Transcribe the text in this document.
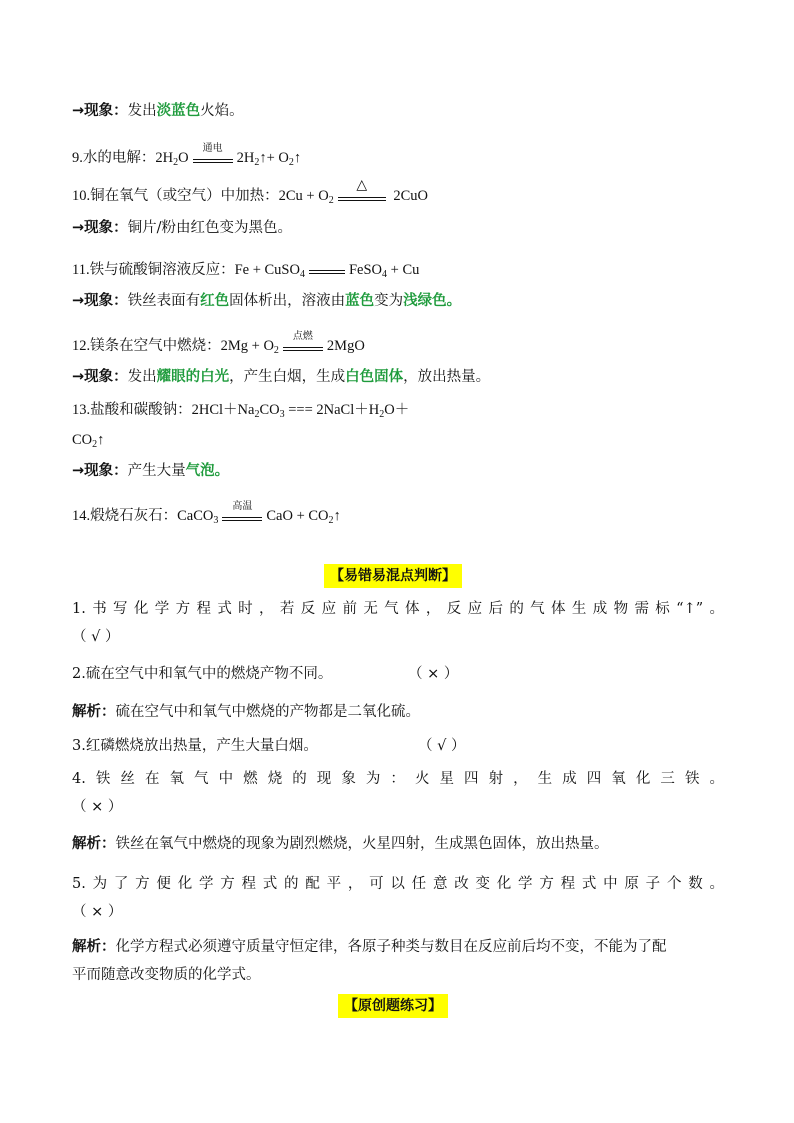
→现象：发出淡蓝色火焰。
9.水的电解：$2H_2O$
通电
$2H_2↑+$ $O_2↑$
10.铜在氧气（或空气）中加热：$2Cu + O_2$
△
2CuO
→现象：铜片/粉由红色变为黑色。
11.铁与硫酸铜溶液反应：Fe + CuSO$_4$	FeSO$_4$ + Cu
→现象：铁丝表面有红色固体析出，溶液由蓝色变为浅绿色。
12.镁条在空气中燃烧：$2Mg + O_2$
点燃
2MgO
→现象：发出耀眼的白光，产生白烟，生成白色固体，放出热量。
13.盐酸和碳酸钠：$2HCl+Na_2CO_3$ === $2NaCl+H_2O+$
$CO_2↑$
→现象：产生大量气泡。
14.煅烧石灰石：CaCO$_3$
高温
CaO + $CO_2↑$
【易错易混点判断】
1.书写化学方程式时，若反应前无气体，反应后的气体生成物需标“↑”。
（ √ ）
2.硫在空气中和氧气中的燃烧产物不同。	（ × ）
解析：硫在空气中和氧气中燃烧的产物都是二氧化硫。
3.红磷燃烧放出热量，产生大量白烟。	（ √ ）
4.铁丝在氧气中燃烧的现象为：火星四射，生成四氧化三铁。
（ × ）
解析：铁丝在氧气中燃烧的现象为剧烈燃烧，火星四射，生成黑色固体，放出热量。
5.为了方便化学方程式的配平，可以任意改变化学方程式中原子个数。
（ × ）
解析：化学方程式必须遵守质量守恒定律，各原子种类与数目在反应前后均不变，不能为了配
平而随意改变物质的化学式。
【原创题练习】
